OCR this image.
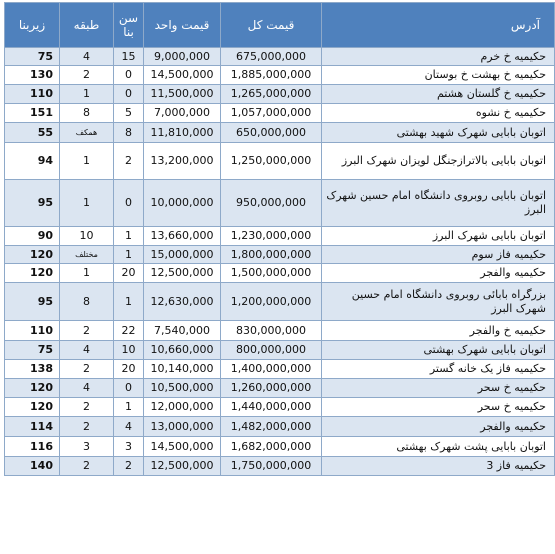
زیربنا	طبقه	سن بنا	قیمت واحد	قیمت کل	آدرس
75	4	15	9,000,000	675,000,000	حکیمیه خ خرم
130	2	0	14,500,000	1,885,000,000	حکیمیه خ بهشت خ بوستان
110	1	0	11,500,000	1,265,000,000	حکیمیه خ گلستان هشتم
151	8	5	7,000,000	1,057,000,000	حکیمیه خ نشوه
55	همکف	8	11,810,000	650,000,000	اتوبان بابایی شهرک شهید بهشتی
94	1	2	13,200,000	1,250,000,000	اتوبان بابایی بالاترازجنگل لویزان شهرک البرز
95	1	0	10,000,000	950,000,000	اتوبان بابایی روبروی دانشگاه امام حسین شهرک البرز
90	10	1	13,660,000	1,230,000,000	اتوبان بابایی شهرک البرز
120	مختلف	1	15,000,000	1,800,000,000	حکیمیه فاز سوم
120	1	20	12,500,000	1,500,000,000	حکیمیه والفجر
95	8	1	12,630,000	1,200,000,000	بزرگراه بابائی روبروی دانشگاه امام حسین شهرک البرز
110	2	22	7,540,000	830,000,000	حکیمیه خ والفجر
75	4	10	10,660,000	800,000,000	اتوبان بابایی شهرک بهشتی
138	2	20	10,140,000	1,400,000,000	حکیمیه فاز یک خانه گستر
120	4	0	10,500,000	1,260,000,000	حکیمیه خ سحر
120	2	1	12,000,000	1,440,000,000	حکیمیه خ سحر
114	2	4	13,000,000	1,482,000,000	حکیمیه والفجر
116	3	3	14,500,000	1,682,000,000	اتوبان بابایی پشت شهرک بهشتی
140	2	2	12,500,000	1,750,000,000	حکیمیه فاز 3
